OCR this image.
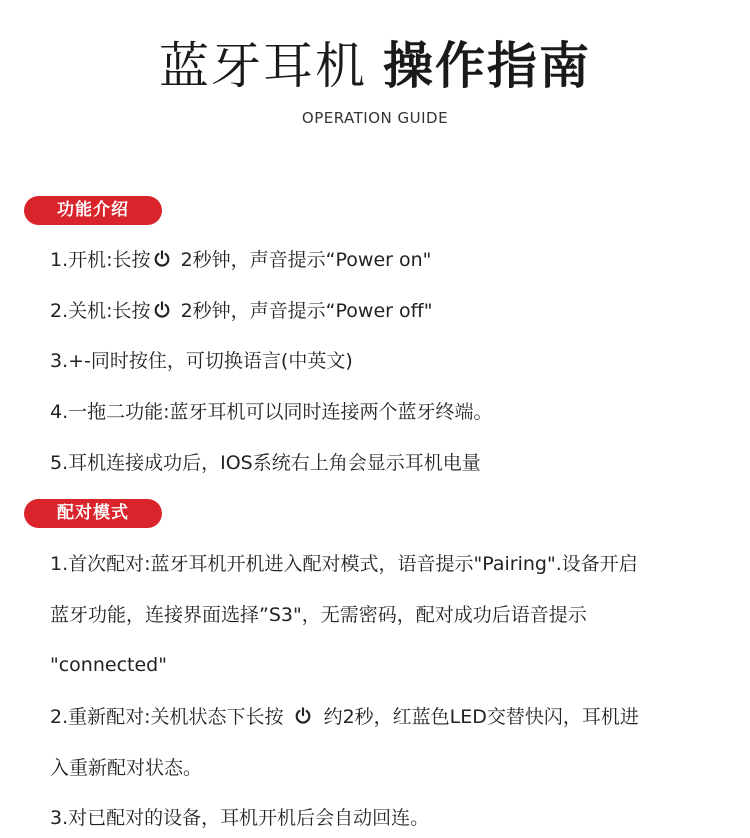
蓝牙耳机 操作指南
OPERATION GUIDE
功能介绍
1.开机:长按 2秒钟，声音提示“Power on"
2.关机:长按 2秒钟，声音提示“Power off"
3.+-同时按住，可切换语言(中英文)
4.一拖二功能:蓝牙耳机可以同时连接两个蓝牙终端。
5.耳机连接成功后，IOS系统右上角会显示耳机电量
配对模式
1.首次配对:蓝牙耳机开机进入配对模式，语音提示"Pairing".设备开启
蓝牙功能，连接界面选择”S3"，无需密码，配对成功后语音提示
"connected"
2.重新配对:关机状态下长按 约2秒，红蓝色LED交替快闪，耳机进
入重新配对状态。
3.对已配对的设备，耳机开机后会自动回连。
